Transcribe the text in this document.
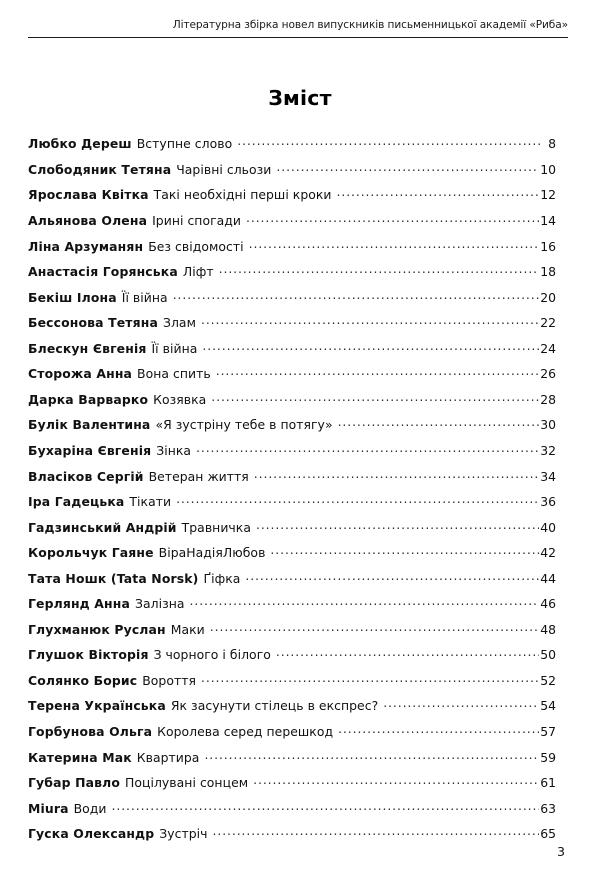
Літературна збірка новел випускників письменницької академії «Риба»
Зміст
Любко Дереш Вступне слово .....	8
Слободяник Тетяна Чарівні сльози .....	10
Ярослава Квітка Такі необхідні перші кроки .....	12
Альянова Олена Ірині спогади .....	14
Ліна Арзуманян Без свідомості .....	16
Анастасія Горянська Ліфт .....	18
Бекіш Ілона Її війна .....	20
Бессонова Тетяна Злам .....	22
Блескун Євгенія Її війна .....	24
Сторожа Анна Вона спить .....	26
Дарка Варварко Козявка .....	28
Булік Валентина «Я зустріну тебе в потягу» .....	30
Бухаріна Євгенія Зінка .....	32
Власіков Сергій Ветеран життя .....	34
Іра Гадецька Тікати .....	36
Гадзинський Андрій Травничка .....	40
Корольчук Гаяне ВіраНадіяЛюбов .....	42
Тата Ношк (Tata Norsk) Ґіфка .....	44
Герлянд Анна Залізна .....	46
Глухманюк Руслан Маки .....	48
Глушок Вікторія З чорного і білого .....	50
Солянко Борис Вороття .....	52
Терена Українська Як засунути стілець в експрес? .....	54
Горбунова Ольга Королева серед перешкод .....	57
Катерина Мак Квартира .....	59
Губар Павло Поцілувані сонцем .....	61
Miura Води .....	63
Гуска Олександр Зустріч .....	65
3
